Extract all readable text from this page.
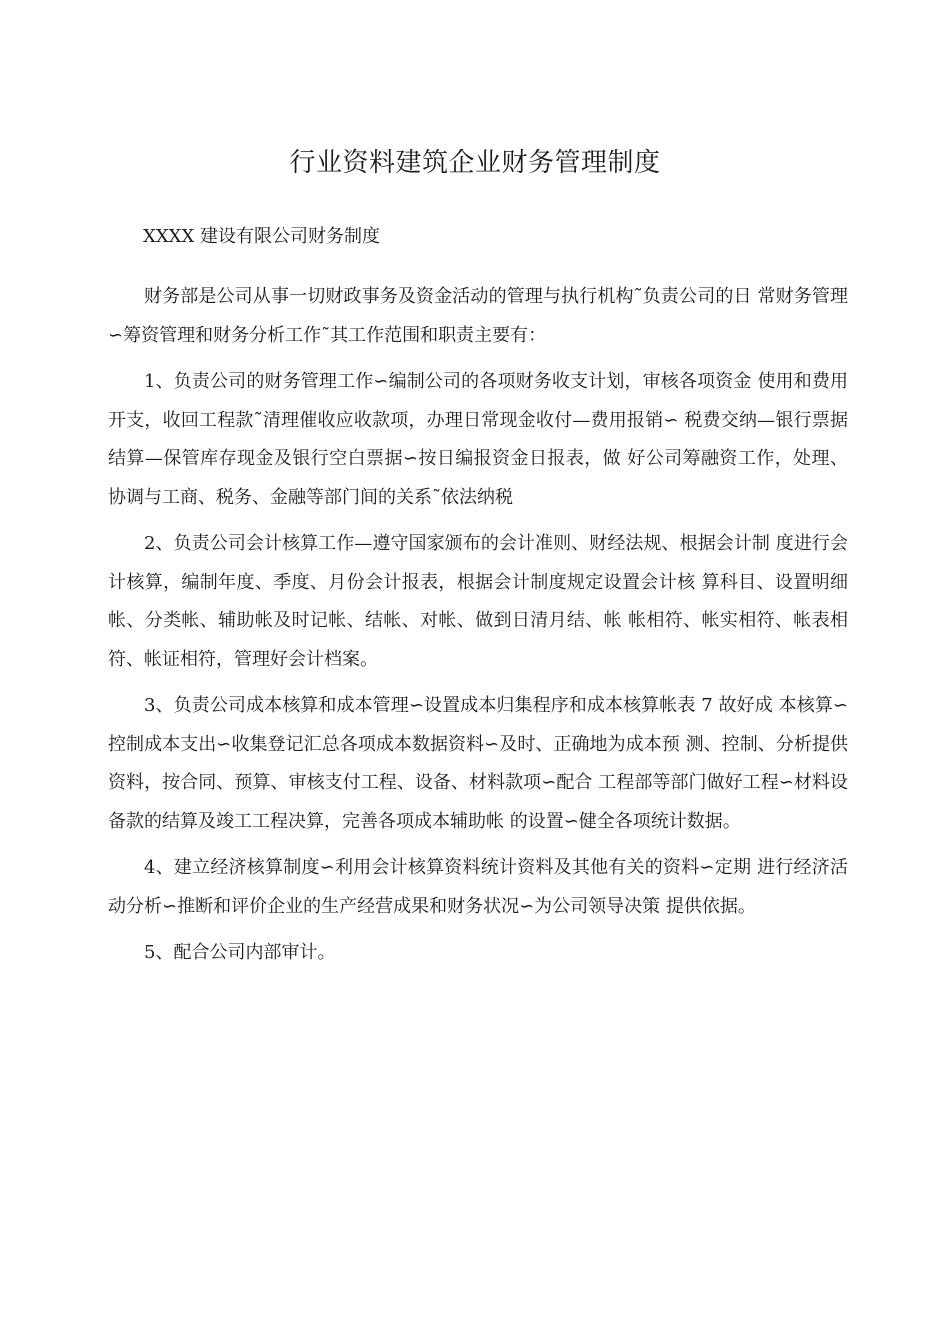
行业资料建筑企业财务管理制度
XXXX 建设有限公司财务制度

财务部是公司从事一切财政事务及资金活动的管理与执行机构˜负责公司的日 常财务管理∽筹资管理和财务分析工作˜其工作范围和职责主要有：

1、负责公司的财务管理工作∽编制公司的各项财务收支计划，审核各项资金 使用和费用开支，收回工程款˜清理催收应收款项，办理日常现金收付—费用报销∽ 税费交纳—银行票据结算—保管库存现金及银行空白票据∽按日编报资金日报表，做 好公司筹融资工作，处理、协调与工商、税务、金融等部门间的关系˜依法纳税

2、负责公司会计核算工作—遵守国家颁布的会计准则、财经法规、根据会计制 度进行会计核算，编制年度、季度、月份会计报表，根据会计制度规定设置会计核 算科目、设置明细帐、分类帐、辅助帐及时记帐、结帐、对帐、做到日清月结、帐 帐相符、帐实相符、帐表相符、帐证相符，管理好会计档案。

3、负责公司成本核算和成本管理∽设置成本归集程序和成本核算帐表 7 故好成 本核算∽控制成本支出∽收集登记汇总各项成本数据资料∽及时、正确地为成本预 测、控制、分析提供资料，按合同、预算、审核支付工程、设备、材料款项∽配合 工程部等部门做好工程∽材料设备款的结算及竣工工程决算，完善各项成本辅助帐 的设置∽健全各项统计数据。

4、建立经济核算制度∽利用会计核算资料统计资料及其他有关的资料∽定期 进行经济活动分析∽推断和评价企业的生产经营成果和财务状况∽为公司领导决策 提供依据。

5、配合公司内部审计。
